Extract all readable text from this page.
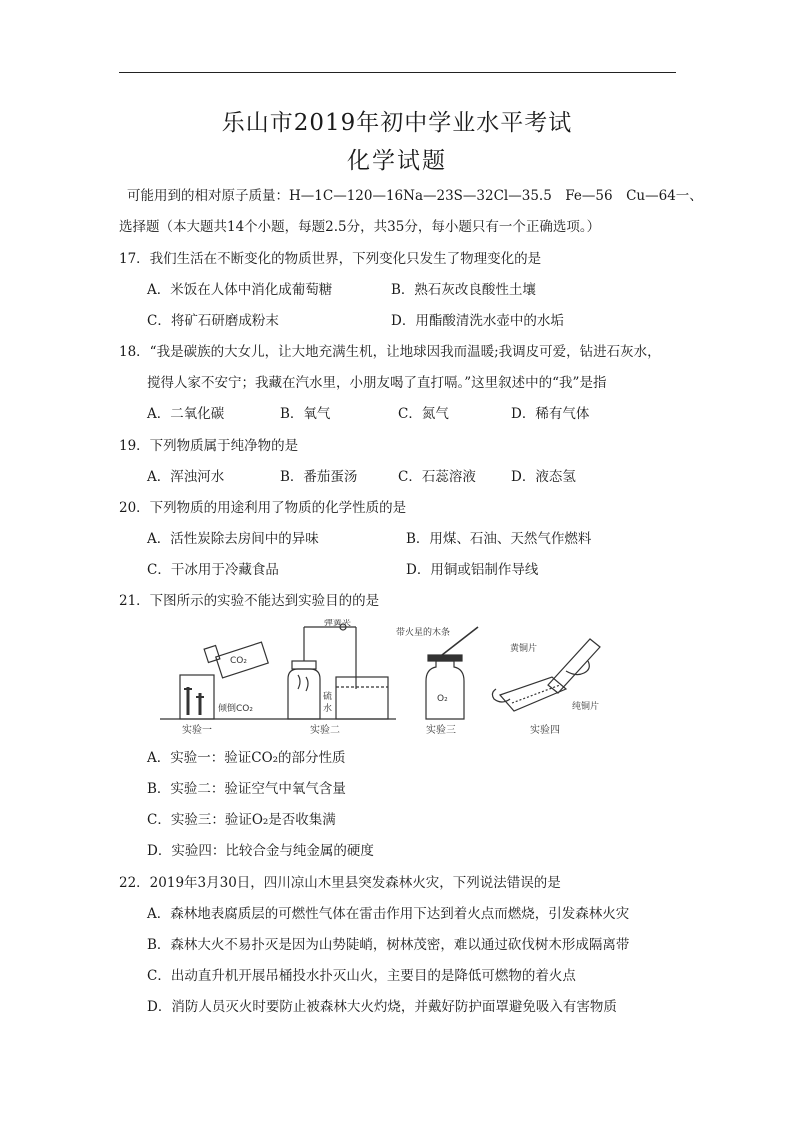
乐山市2019年初中学业水平考试
化学试题
可能用到的相对原子质量：H—1C—120—16Na—23S—32Cl—35.5　Fe—56　Cu—64一、
选择题（本大题共14个小题，每题2.5分，共35分，每小题只有一个正确选项。）
17．我们生活在不断变化的物质世界，下列变化只发生了物理变化的是
A．米饭在人体中消化成葡萄糖	B．熟石灰改良酸性土壤
C．将矿石研磨成粉末	D．用酯酸清洗水壶中的水垢
18．“我是碳族的大女儿，让大地充满生机，让地球因我而温暖;我调皮可爱，钻进石灰水，
搅得人家不安宁；我藏在汽水里，小朋友喝了直打嗝。”这里叙述中的“我”是指
A．二氧化碳	B．氧气	C．氮气	D．稀有气体
19．下列物质属于纯净物的是
A．浑浊河水	B．番茄蛋汤	C．石蕊溶液	D．液态氢
20．下列物质的用途利用了物质的化学性质的是
A．活性炭除去房间中的异味	B．用煤、石油、天然气作燃料
C．干冰用于冷藏食品	D．用铜或铝制作导线
21．下图所示的实验不能达到实验目的的是
CO₂
倾倒CO₂
实验一
弹簧夹
硫
水
实验二
带火星的木条
O₂
实验三
黄铜片
纯铜片
实验四
A．实验一：验证CO₂的部分性质
B．实验二：验证空气中氧气含量
C．实验三：验证O₂是否收集满
D．实验四：比较合金与纯金属的硬度
22．2019年3月30日，四川凉山木里县突发森林火灾，下列说法错误的是
A．森林地表腐质层的可燃性气体在雷击作用下达到着火点而燃烧，引发森林火灾
B．森林大火不易扑灭是因为山势陡峭，树林茂密，难以通过砍伐树木形成隔离带
C．出动直升机开展吊桶投水扑灭山火，主要目的是降低可燃物的着火点
D．消防人员灭火时要防止被森林大火灼烧，并戴好防护面罩避免吸入有害物质
